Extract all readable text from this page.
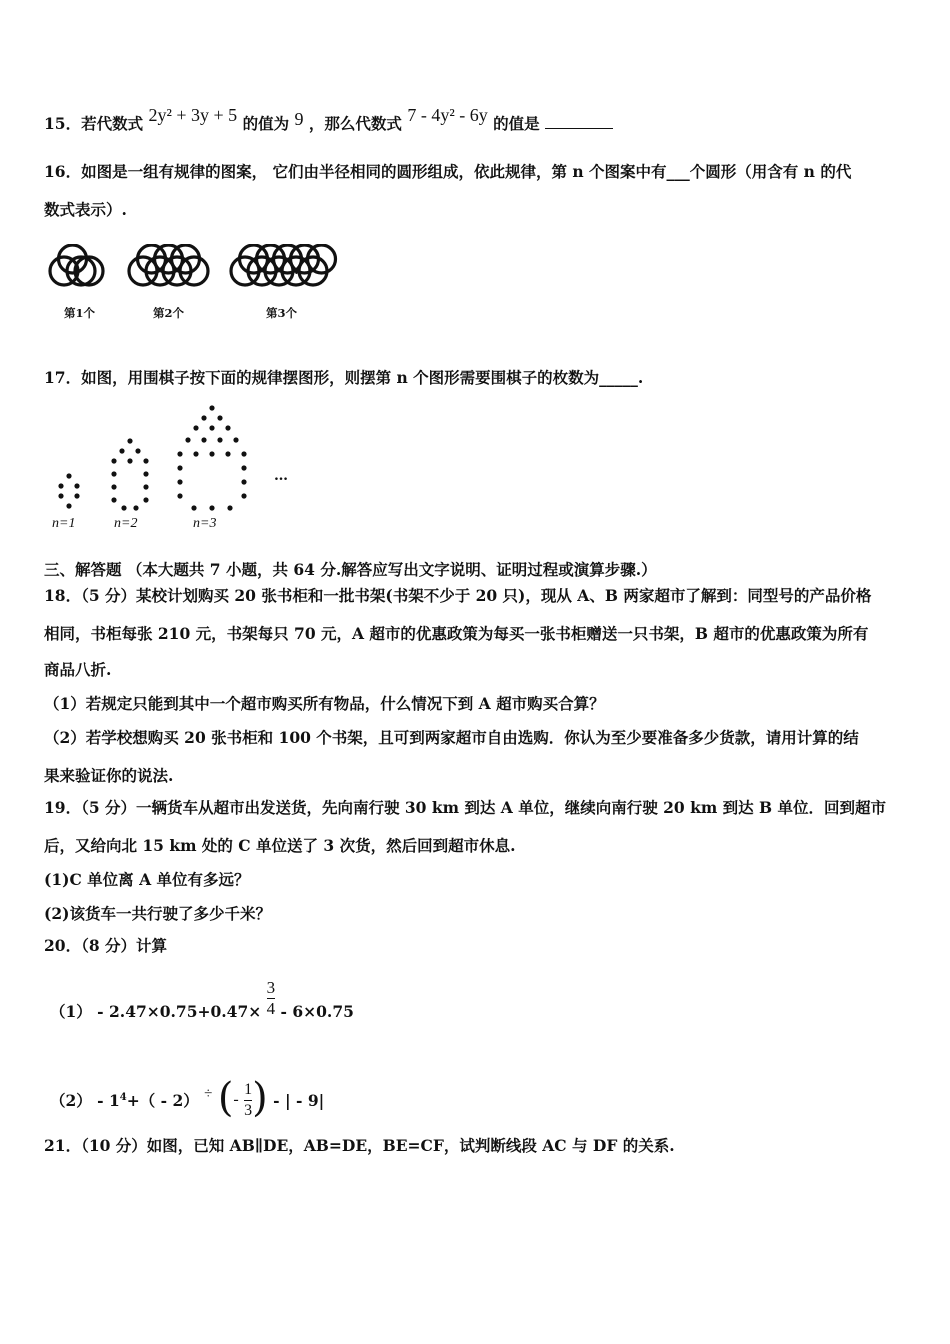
15．若代数式 2y² + 3y + 5 的值为 9 ，那么代数式 7 - 4y² - 6y 的值是
16．如图是一组有规律的图案， 它们由半径相同的圆形组成，依此规律，第 n 个图案中有___个圆形（用含有 n 的代
数式表示）.
…
第1个	第2个	第3个
17．如图，用围棋子按下面的规律摆图形，则摆第 n 个图形需要围棋子的枚数为_____.
…
n=1	n=2	n=3
三、解答题 （本大题共 7 小题，共 64 分.解答应写出文字说明、证明过程或演算步骤.）
18．（5 分）某校计划购买 20 张书柜和一批书架(书架不少于 20 只)，现从 A、B 两家超市了解到：同型号的产品价格
相同，书柜每张 210 元，书架每只 70 元，A 超市的优惠政策为每买一张书柜赠送一只书架，B 超市的优惠政策为所有
商品八折.
（1）若规定只能到其中一个超市购买所有物品，什么情况下到 A 超市购买合算？
（2）若学校想购买 20 张书柜和 100 个书架，且可到两家超市自由选购．你认为至少要准备多少货款，请用计算的结
果来验证你的说法.
19．（5 分）一辆货车从超市出发送货，先向南行驶 30 km 到达 A 单位，继续向南行驶 20 km 到达 B 单位．回到超市
后，又给向北 15 km 处的 C 单位送了 3 次货，然后回到超市休息.
(1)C 单位离 A 单位有多远？
(2)该货车一共行驶了多少千米？
20．（8 分）计算
$(1) - 2.47\times 0.75+0.47\times \frac{3}{4} - 6\times 0.75$
$(2) - 1^4+( - 2)$ ÷ (- $\frac{1}{3}$ ) - | - 9|
21．（10 分）如图，已知 AB∥DE，AB=DE，BE=CF，试判断线段 AC 与 DF 的关系.
